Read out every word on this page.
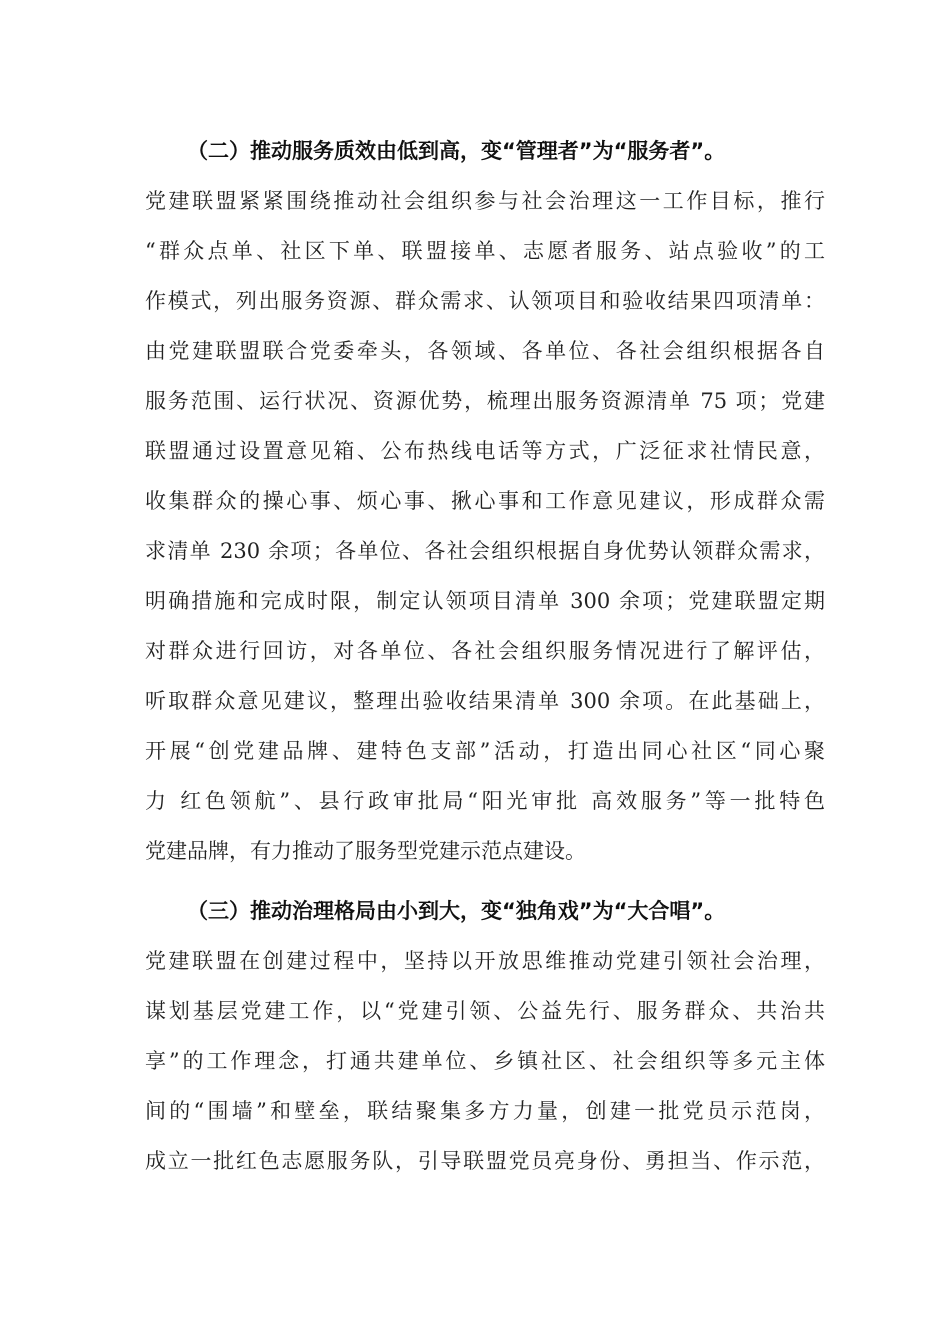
（二）推动服务质效由低到高，变“管理者”为“服务者”。
党建联盟紧紧围绕推动社会组织参与社会治理这一工作目标，推行
“群众点单、社区下单、联盟接单、志愿者服务、站点验收”的工
作模式，列出服务资源、群众需求、认领项目和验收结果四项清单：
由党建联盟联合党委牵头，各领域、各单位、各社会组织根据各自
服务范围、运行状况、资源优势，梳理出服务资源清单 75 项；党建
联盟通过设置意见箱、公布热线电话等方式，广泛征求社情民意，
收集群众的操心事、烦心事、揪心事和工作意见建议，形成群众需
求清单 230 余项；各单位、各社会组织根据自身优势认领群众需求，
明确措施和完成时限，制定认领项目清单 300 余项；党建联盟定期
对群众进行回访，对各单位、各社会组织服务情况进行了解评估，
听取群众意见建议，整理出验收结果清单 300 余项。在此基础上，
开展“创党建品牌、建特色支部”活动，打造出同心社区“同心聚
力 红色领航”、县行政审批局“阳光审批 高效服务”等一批特色
党建品牌，有力推动了服务型党建示范点建设。
（三）推动治理格局由小到大，变“独角戏”为“大合唱”。
党建联盟在创建过程中，坚持以开放思维推动党建引领社会治理，
谋划基层党建工作，以“党建引领、公益先行、服务群众、共治共
享”的工作理念，打通共建单位、乡镇社区、社会组织等多元主体
间的“围墙”和壁垒，联结聚集多方力量，创建一批党员示范岗，
成立一批红色志愿服务队，引导联盟党员亮身份、勇担当、作示范，
